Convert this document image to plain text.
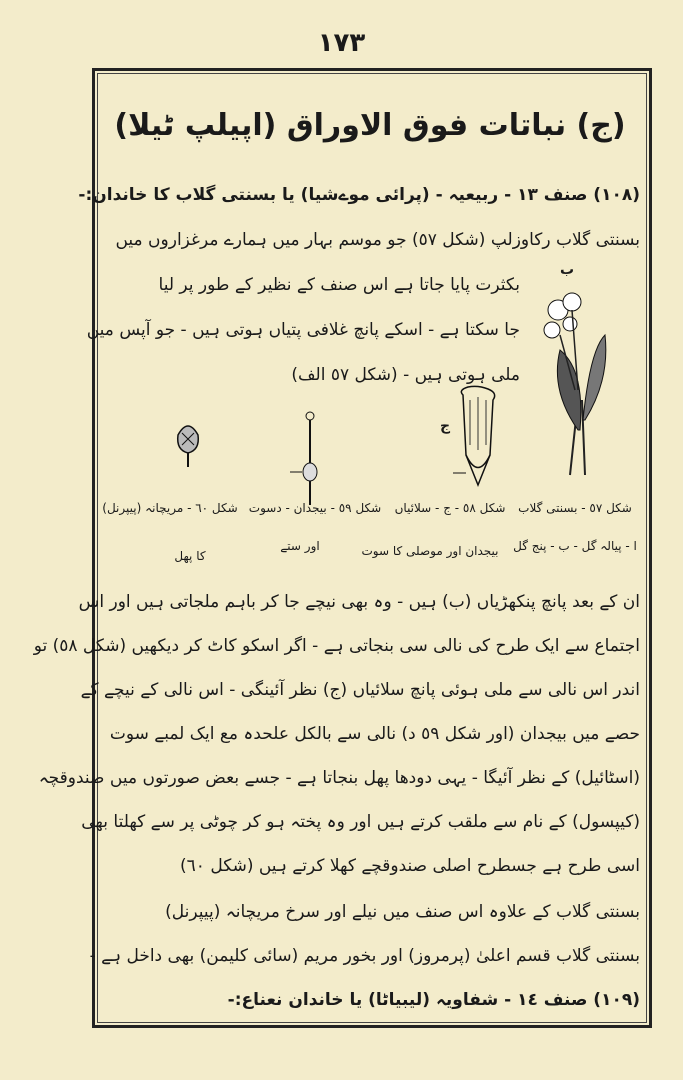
١٧٣
(ج) نباتات فوق الاوراق (اپیلپ ٹیلا)
(١٠٨) صنف ١٣ - ربیعیہ - (پرائی موےشیا) یا بسنتی گلاب کا خاندان:-
بسنتی گلاب رکاوزلپ (شکل ٥٧) جو موسم بہار میں ہمارے مرغزاروں میں
بکثرت پایا جاتا ہے اس صنف کے نظیر کے طور پر لیا
جا سکتا ہے - اسکے پانچ غلافی پتیاں ہوتی ہیں - جو آپس میں
ملی ہوتی ہیں - (شکل ٥٧ الف)
ب
ج
شکل ٥٧ - بسنتی گلاب
شکل ٥٨ - ج - سلائیاں
شکل ٥٩ - بیجدان - دسوت
شکل ٦٠ - مریچانہ (پیپرنل)
ا - پیالہ گل - ب - پنج گل
بیجدان اور موصلی کا سوت
اور ستے
کا پھل
ان کے بعد پانچ پنکھڑیاں (ب) ہیں - وہ بھی نیچے جا کر باہم ملجاتی ہیں اور اس
اجتماع سے ایک طرح کی نالی سی بنجاتی ہے - اگر اسکو کاٹ کر دیکھیں (شکل ٥٨) تو
اندر اس نالی سے ملی ہوئی پانچ سلائیاں (ج) نظر آئینگی - اس نالی کے نیچے کے
حصے میں بیجدان (اور شکل ٥٩ د) نالی سے بالکل علحدہ مع ایک لمبے سوت
(اسٹائیل) کے نظر آئیگا - یہی دودھا پھل بنجاتا ہے - جسے بعض صورتوں میں صندوقچہ
(کیپسول) کے نام سے ملقب کرتے ہیں اور وہ پختہ ہو کر چوٹی پر سے کھلتا بھی
اسی طرح ہے جسطرح اصلی صندوقچے کھلا کرتے ہیں (شکل ٦٠)
بسنتی گلاب کے علاوہ اس صنف میں نیلے اور سرخ مریچانہ (پیپرنل)
بسنتی گلاب قسم اعلیٰ (پرمروز) اور بخور مریم (سائی کلیمن) بھی داخل ہے -
(١٠٩) صنف ١٤ - شفاویہ (لیبیاٹا) یا خاندان نعناع:-
